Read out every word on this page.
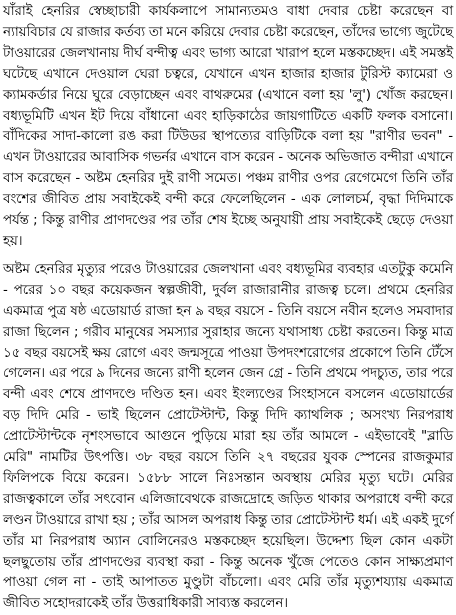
যাঁরাই হেনরির স্বেচ্ছাচারী কার্যকলাপে সামান্যতমও বাধা দেবার চেষ্টা করেছেন বা ন্যায়বিচার যে রাজার কর্তব্য তা মনে করিয়ে দেবার চেষ্টা করেছেন, তাঁদের ভাগ্যে জুটেছে টাওয়ারের জেলখানায় দীর্ঘ বন্দীত্ব এবং ভাগ্য আরো খারাপ হলে মস্তকচ্ছেদ। এই সমস্তই ঘটেছে এখানে দেওয়াল ঘেরা চত্বরে, যেখানে এখন হাজার হাজার টুরিস্ট ক্যামেরা ও ক্যামকর্ডার নিয়ে ঘুরে বেড়াচ্ছেন এবং বাথরুমের (এখানে বলা হয় 'লু') খোঁজ করছেন। বধ্যভূমিটি এখন ইট দিয়ে বাঁধানো এবং হাড়িকাঠের জায়গাটিতে একটি ফলক বসানো। বাঁদিকের সাদা-কালো রঙ করা টিউডর স্থাপত্যের বাড়িটিকে বলা হয় "রাণীর ভবন" - এখন টাওয়ারের আবাসিক গভর্নর এখানে বাস করেন - অনেক অভিজাত বন্দীরা এখানে বাস করেছেন - অষ্টম হেনরির দুই রাণী সমেত। পঞ্চম রাণীর ওপর রেগেমেগে তিনি তাঁর বংশের জীবিত প্রায় সবাইকেই বন্দী করে ফেলেছিলেন - এক লোলচর্ম, বৃদ্ধা দিদিমাকে পর্যন্ত ; কিন্তু রাণীর প্রাণদণ্ডের পর তাঁর শেষ ইচ্ছে অনুযায়ী প্রায় সবাইকেই ছেড়ে দেওয়া হয়।

অষ্টম হেনরির মৃত্যুর পরেও টাওয়ারের জেলখানা এবং বধ্যভূমির ব্যবহার এতটুকু কমেনি - পরের ১০ বছর কয়েকজন স্বল্পজীবী, দুর্বল রাজারানীর রাজত্ব চলে। প্রথমে হেনরির একমাত্র পুত্র ষষ্ঠ এডোয়ার্ড রাজা হন ৯ বছর বয়সে - তিনি বয়সে নবীন হলেও সমবাদার রাজা ছিলেন ; গরীব মানুষের সমস্যার সুরাহার জন্যে যথাসাধ্য চেষ্টা করতেন। কিন্তু মাত্র ১৫ বছর বয়সেই ক্ষয় রোগে এবং জন্মসূত্রে পাওয়া উপদংশরোগের প্রকোপে তিনি টেঁসে গেলেন। এর পরে ৯ দিনের জন্যে রাণী হলেন জেন গ্রে - তিনি প্রথমে পদচ্যুত, তার পরে বন্দী এবং শেষে প্রাণদণ্ডে দণ্ডিত হন। এবং ইংল্যণ্ডের সিংহাসনে বসলেন এডোয়ার্ডের বড় দিদি মেরি - ভাই ছিলেন প্রোটেস্টান্ট, কিন্তু দিদি ক্যাথলিক ; অসংখ্য নিরপরাধ প্রোটেস্টান্টকে নৃশংসভাবে আগুনে পুড়িয়ে মারা হয় তাঁর আমলে - এইভাবেই "ব্লাডি মেরি" নামটির উৎপত্তি। ৩৮ বছর বয়সে তিনি ২৭ বছরের যুবক স্পেনের রাজকুমার ফিলিপকে বিয়ে করেন। ১৫৮৮ সালে নিঃসন্তান অবস্থায় মেরির মৃত্যু ঘটে। মেরির রাজত্বকালে তাঁর সৎবোন এলিজাবেথকে রাজদ্রোহে জড়িত থাকার অপরাধে বন্দী করে লণ্ডন টাওয়ারে রাখা হয় ; তাঁর আসল অপরাধ কিন্তু তার প্রোটেস্টান্ট ধর্ম। এই একই দুর্গে তাঁর মা নিরপরাধ অ্যান বোলিনেরও মস্তকচ্ছেদ হয়েছিল। উদ্দেশ্য ছিল কোন একটা ছলছুতোয় তাঁর প্রাণদণ্ডের ব্যবস্থা করা - কিন্তু অনেক খুঁজে পেতেও কোন সাক্ষ্যপ্রমাণ পাওয়া গেল না - তাই আপাতত মুণ্ডুটা বাঁচলো। এবং মেরি তাঁর মৃত্যুশয্যায় একমাত্র জীবিত সহোদরাকেই তাঁর উত্তরাধিকারী সাব্যস্ত করলেন।
